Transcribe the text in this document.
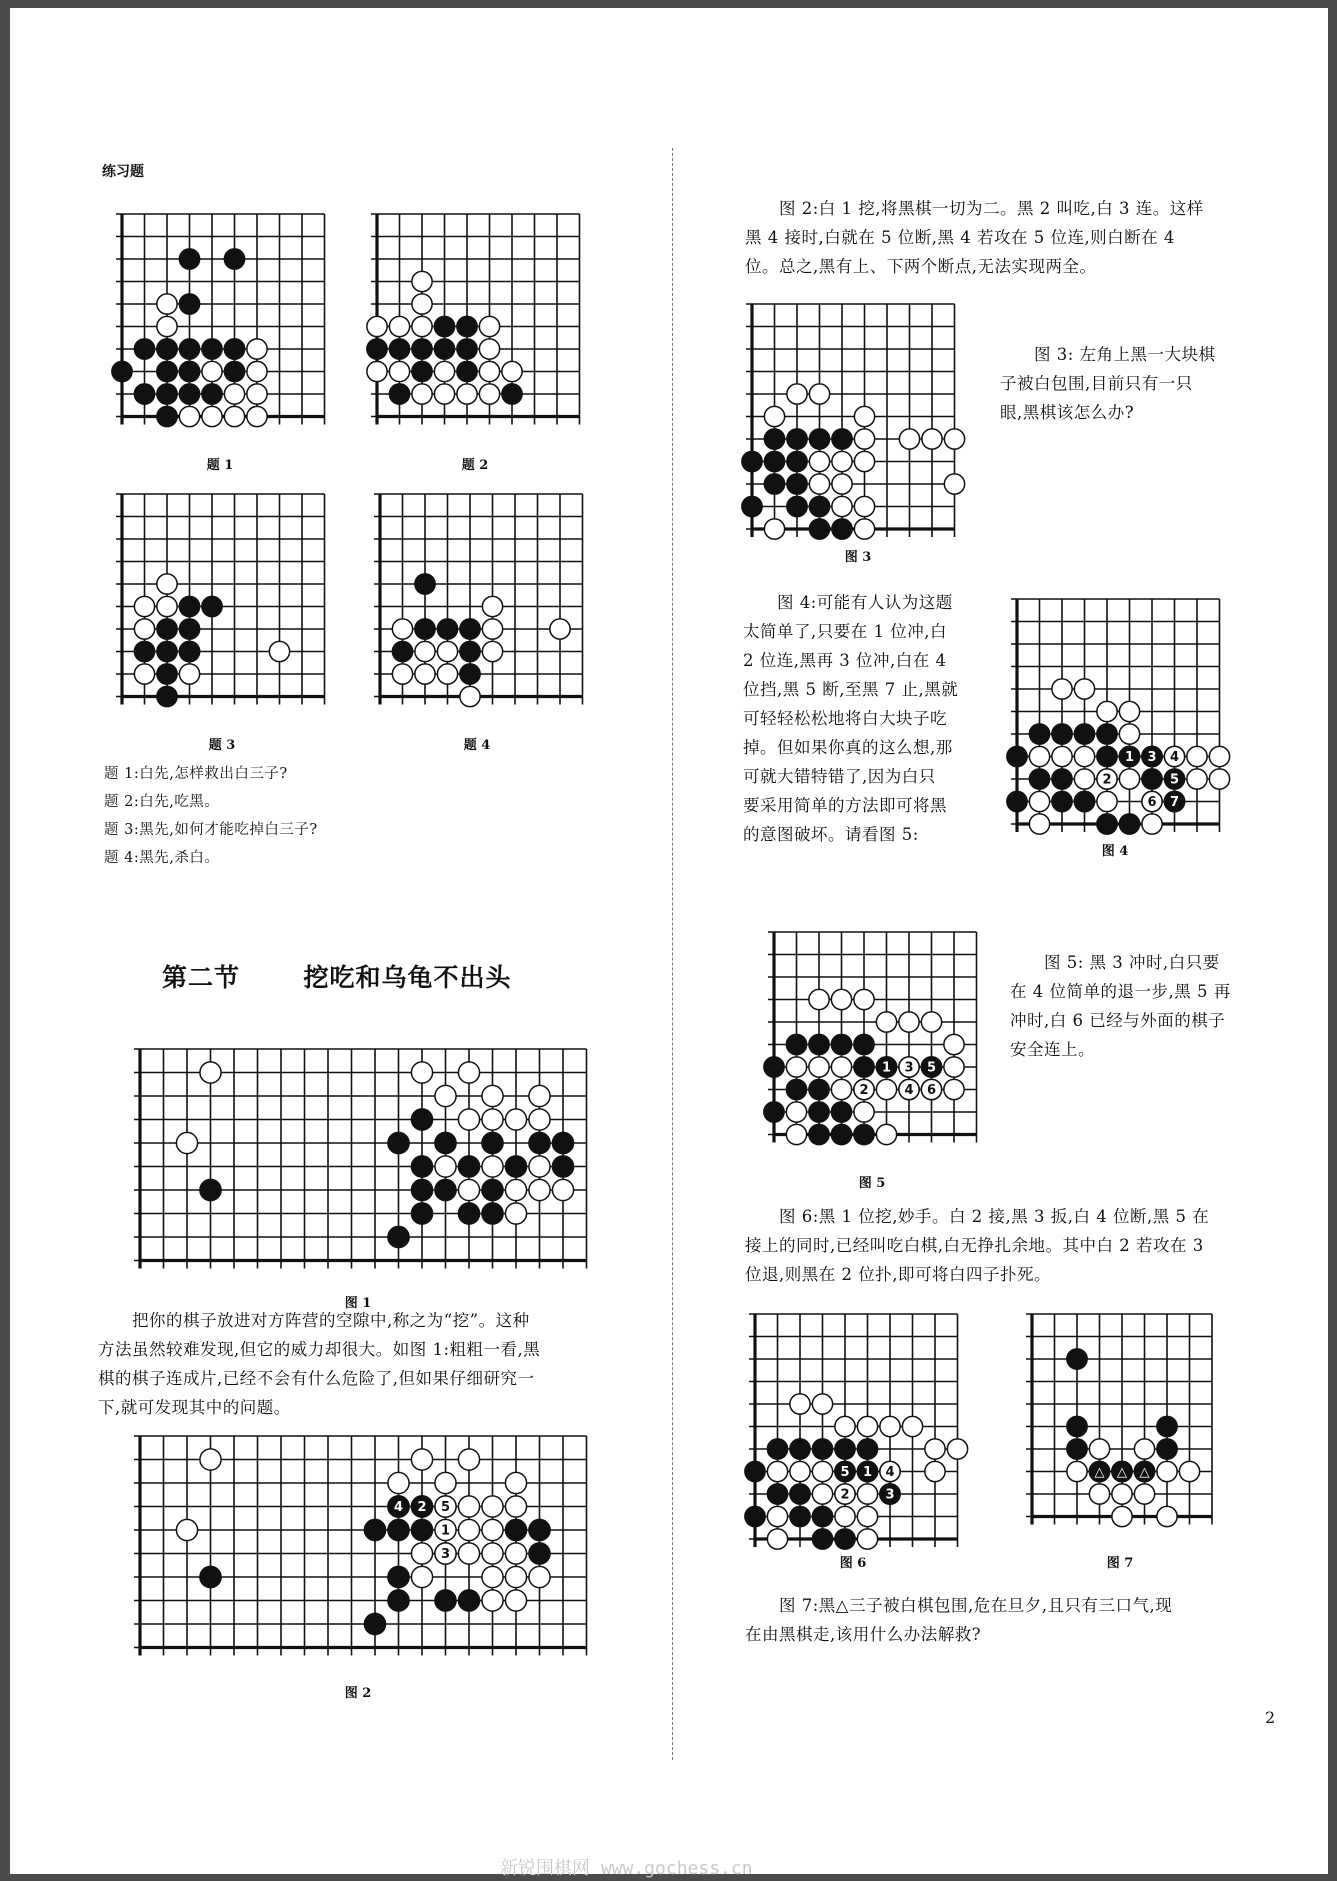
练习题
题 1	题 2
题 3	题 4
题 1:白先,怎样救出白三子?
题 2:白先,吃黑。
题 3:黑先,如何才能吃掉白三子?
题 4:黑先,杀白。
第二节	挖吃和乌龟不出头
图 1
把你的棋子放进对方阵营的空隙中,称之为“挖”。这种
方法虽然较难发现,但它的威力却很大。如图 1:粗粗一看,黑
棋的棋子连成片,已经不会有什么危险了,但如果仔细研究一
下,就可发现其中的问题。
4 2 5
1
3
图 2
图 2:白 1 挖,将黑棋一切为二。黑 2 叫吃,白 3 连。这样
黑 4 接时,白就在 5 位断,黑 4 若攻在 5 位连,则白断在 4
位。总之,黑有上、下两个断点,无法实现两全。
图 3
图 3: 左角上黑一大块棋
子被白包围,目前只有一只
眼,黑棋该怎么办?
图 4:可能有人认为这题
太简单了,只要在 1 位冲,白
2 位连,黑再 3 位冲,白在 4
位挡,黑 5 断,至黑 7 止,黑就
可轻轻松松地将白大块子吃
掉。但如果你真的这么想,那
可就大错特错了,因为白只
要采用简单的方法即可将黑
的意图破坏。请看图 5:
1 3 4
2	5
6 7
图 4
1 3 5
2	4 6
图 5
图 5: 黑 3 冲时,白只要
在 4 位简单的退一步,黑 5 再
冲时,白 6 已经与外面的棋子
安全连上。
图 6:黑 1 位挖,妙手。白 2 接,黑 3 扳,白 4 位断,黑 5 在
接上的同时,已经叫吃白棋,白无挣扎余地。其中白 2 若攻在 3
位退,则黑在 2 位扑,即可将白四子扑死。
5 1 4
2	3
图 6
△ △ △
图 7
图 7:黑△三子被白棋包围,危在旦夕,且只有三口气,现
在由黑棋走,该用什么办法解救?
2
新锐围棋网 www.gochess.cn
